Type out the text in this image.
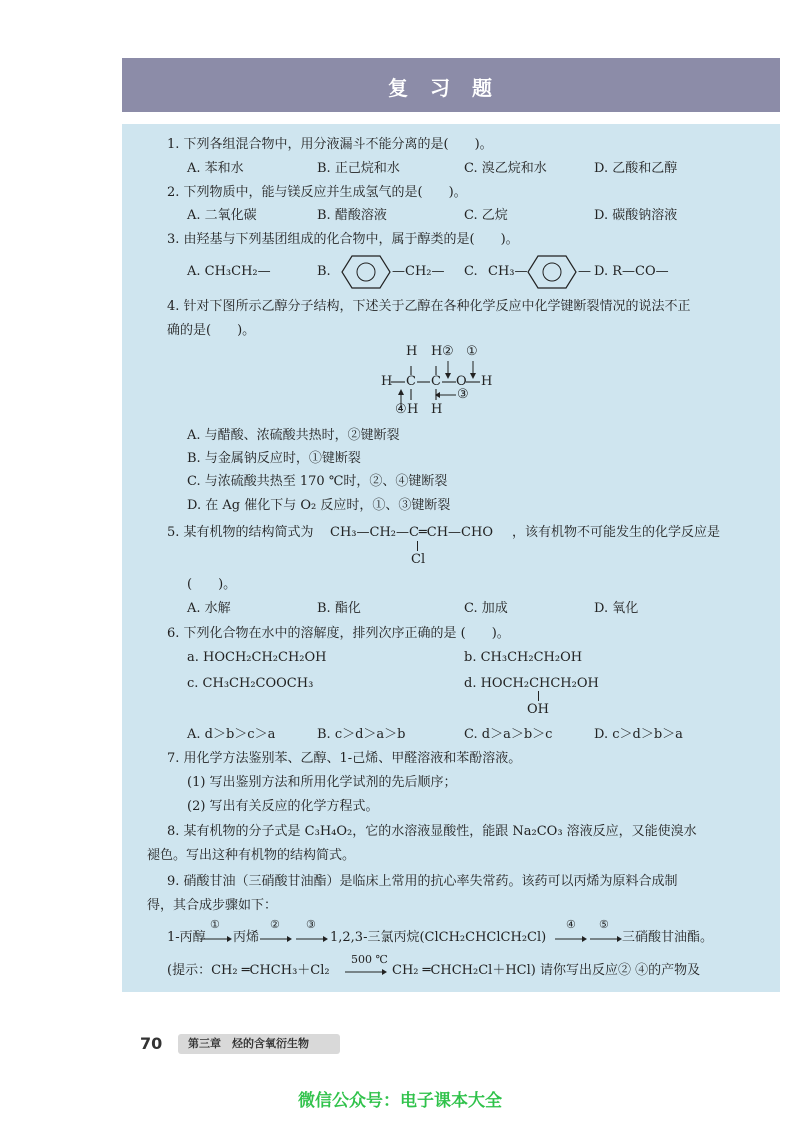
复习题
1. 下列各组混合物中，用分液漏斗不能分离的是(　　)。
A. 苯和水	B. 正己烷和水	C. 溴乙烷和水	D. 乙酸和乙醇
2. 下列物质中，能与镁反应并生成氢气的是(　　)。
A. 二氧化碳	B. 醋酸溶液	C. 乙烷	D. 碳酸钠溶液
3. 由羟基与下列基团组成的化合物中，属于醇类的是(　　)。
A. CH₃CH₂—	B.	—CH₂— C. CH₃—	— D. R—CO—
4. 针对下图所示乙醇分子结构，下述关于乙醇在各种化学反应中化学键断裂情况的说法不正
确的是(　　)。
H H ② ①
H C C O H
③
④ H H
A. 与醋酸、浓硫酸共热时，②键断裂
B. 与金属钠反应时，①键断裂
C. 与浓硫酸共热至 170 ℃时，②、④键断裂
D. 在 Ag 催化下与 O₂ 反应时，①、③键断裂
5. 某有机物的结构简式为 CH₃—CH₂—C═CH—CHO
Cl
，该有机物不可能发生的化学反应是
(　　)。
A. 水解	B. 酯化	C. 加成	D. 氧化
6. 下列化合物在水中的溶解度，排列次序正确的是 (　　)。
a. HOCH₂CH₂CH₂OH	b. CH₃CH₂CH₂OH
c. CH₃CH₂COOCH₃	d. HOCH₂CHCH₂OH
OH
A. d＞b＞c＞a	B. c＞d＞a＞b	C. d＞a＞b＞c	D. c＞d＞b＞a
7. 用化学方法鉴别苯、乙醇、1-己烯、甲醛溶液和苯酚溶液。
(1) 写出鉴别方法和所用化学试剂的先后顺序；
(2) 写出有关反应的化学方程式。
8. 某有机物的分子式是 C₃H₄O₂，它的水溶液显酸性，能跟 Na₂CO₃ 溶液反应，又能使溴水
褪色。写出这种有机物的结构简式。
9. 硝酸甘油（三硝酸甘油酯）是临床上常用的抗心率失常药。该药可以丙烯为原料合成制
得，其合成步骤如下：
1-丙醇
①
丙烯
② ③
1,2,3-三氯丙烷(ClCH₂CHClCH₂Cl)
④ ⑤
三硝酸甘油酯。
(提示：CH₂ ═CHCH₃＋Cl₂
500 ℃
CH₂ ═CHCH₂Cl＋HCl) 请你写出反应② ④的产物及
70	第三章　烃的含氧衍生物
微信公众号：电子课本大全
